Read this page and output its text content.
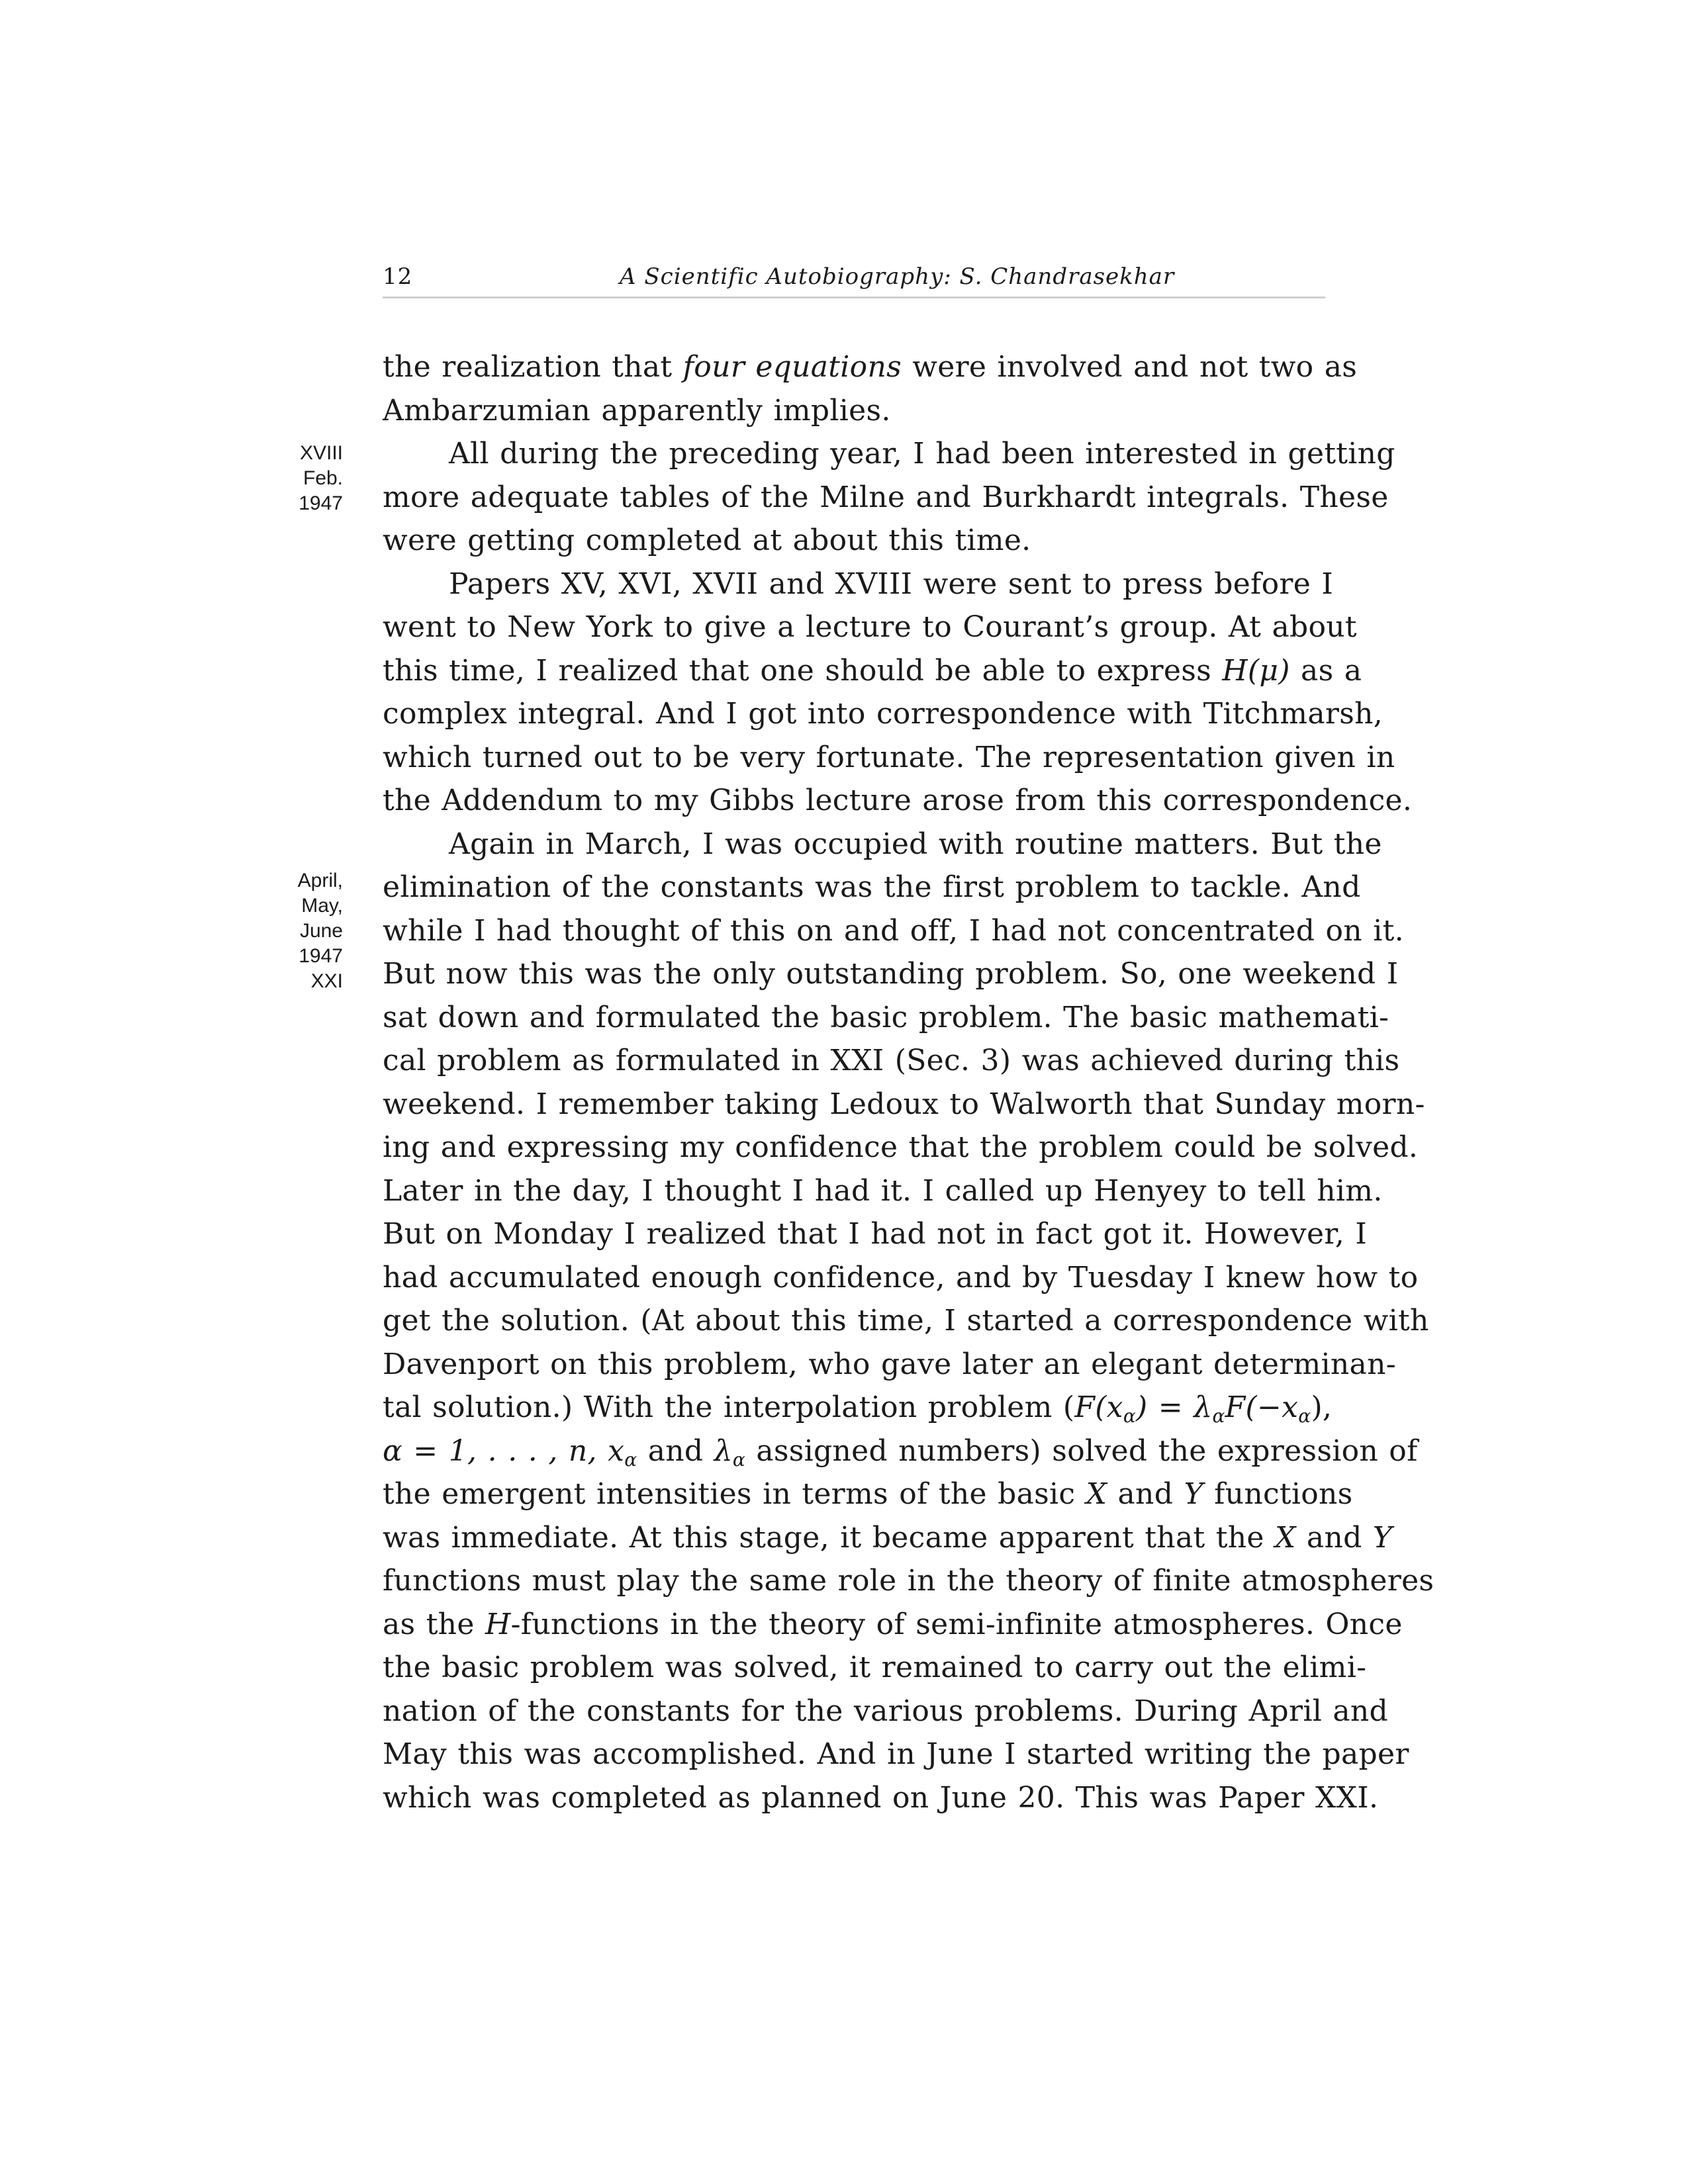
12	A Scientific Autobiography: S. Chandrasekhar
XVIII
Feb.
1947
April,
May,
June
1947
XXI
the realization that four equations were involved and not two as
Ambarzumian apparently implies.
All during the preceding year, I had been interested in getting
more adequate tables of the Milne and Burkhardt integrals. These
were getting completed at about this time.
Papers XV, XVI, XVII and XVIII were sent to press before I
went to New York to give a lecture to Courant’s group. At about
this time, I realized that one should be able to express H(μ) as a
complex integral. And I got into correspondence with Titchmarsh,
which turned out to be very fortunate. The representation given in
the Addendum to my Gibbs lecture arose from this correspondence.
Again in March, I was occupied with routine matters. But the
elimination of the constants was the first problem to tackle. And
while I had thought of this on and off, I had not concentrated on it.
But now this was the only outstanding problem. So, one weekend I
sat down and formulated the basic problem. The basic mathemati-
cal problem as formulated in XXI (Sec. 3) was achieved during this
weekend. I remember taking Ledoux to Walworth that Sunday morn-
ing and expressing my confidence that the problem could be solved.
Later in the day, I thought I had it. I called up Henyey to tell him.
But on Monday I realized that I had not in fact got it. However, I
had accumulated enough confidence, and by Tuesday I knew how to
get the solution. (At about this time, I started a correspondence with
Davenport on this problem, who gave later an elegant determinan-
tal solution.) With the interpolation problem ($F(x_\alpha) = \lambda_\alpha F(-x_\alpha)$,
α = 1, . . . , n, $x_\alpha$ and $\lambda_\alpha$ assigned numbers) solved the expression of
the emergent intensities in terms of the basic X and Y functions
was immediate. At this stage, it became apparent that the X and Y
functions must play the same role in the theory of finite atmospheres
as the H-functions in the theory of semi-infinite atmospheres. Once
the basic problem was solved, it remained to carry out the elimi-
nation of the constants for the various problems. During April and
May this was accomplished. And in June I started writing the paper
which was completed as planned on June 20. This was Paper XXI.
